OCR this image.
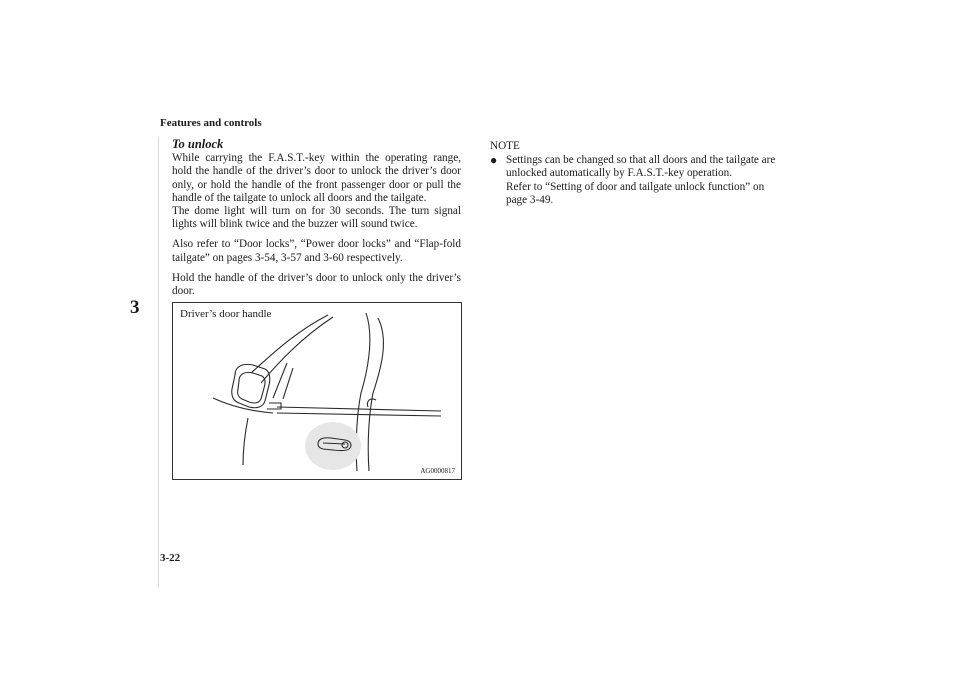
Features and controls
3
To unlock

While carrying the F.A.S.T.-key within the operating range, hold the handle of the driver’s door to unlock the driver’s door only, or hold the handle of the front passenger door or pull the handle of the tailgate to unlock all doors and the tailgate.

The dome light will turn on for 30 seconds. The turn signal lights will blink twice and the buzzer will sound twice.

Also refer to “Door locks”, “Power door locks” and “Flap-fold tailgate” on pages 3-54, 3-57 and 3-60 respectively.

Hold the handle of the driver’s door to unlock only the driver’s door.

Driver’s door handle
AG0000817
NOTE
● Settings can be changed so that all doors and the tailgate are unlocked automatically by F.A.S.T.-key operation.
Refer to “Setting of door and tailgate unlock function” on page 3-49.
3-22
